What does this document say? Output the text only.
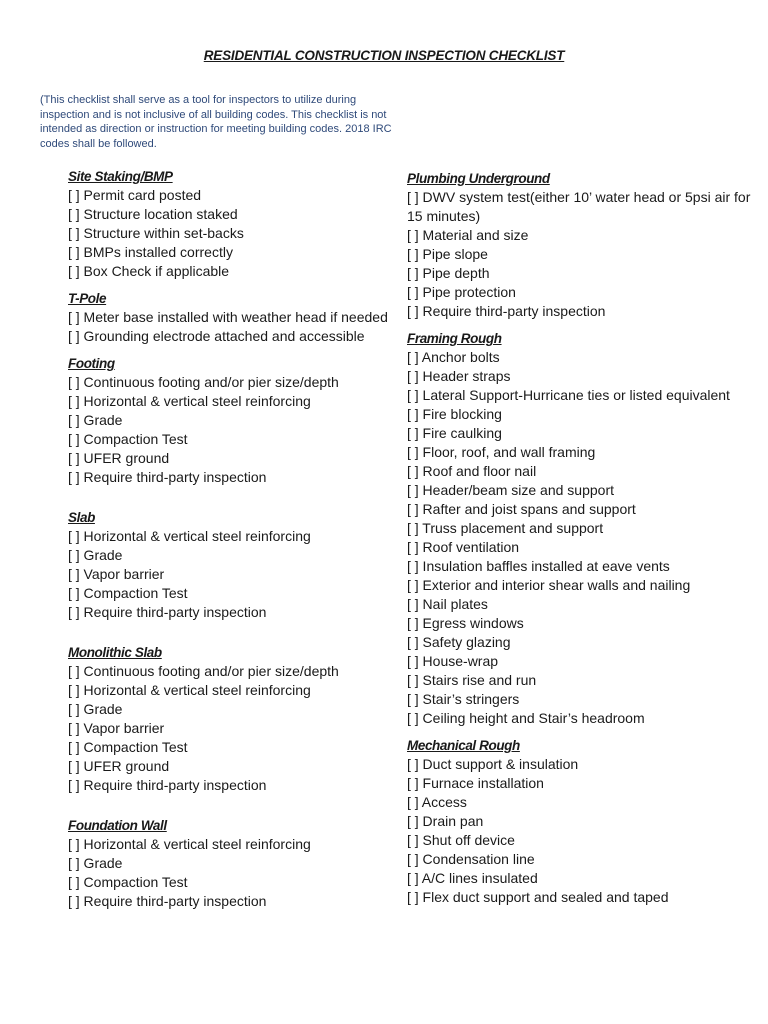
RESIDENTIAL CONSTRUCTION INSPECTION CHECKLIST
(This checklist shall serve as a tool for inspectors to utilize during inspection and is not inclusive of all building codes. This checklist is not intended as direction or instruction for meeting building codes. 2018 IRC codes shall be followed.
Site Staking/BMP
[ ] Permit card posted
[ ] Structure location staked
[ ] Structure within set-backs
[ ] BMPs installed correctly
[ ] Box Check if applicable
T-Pole
[ ] Meter base installed with weather head if needed
[ ] Grounding electrode attached and accessible
Footing
[ ] Continuous footing and/or pier size/depth
[ ] Horizontal & vertical steel reinforcing
[ ] Grade
[ ] Compaction Test
[ ] UFER ground
[ ] Require third-party inspection
Slab
[ ] Horizontal & vertical steel reinforcing
[ ] Grade
[ ] Vapor barrier
[ ] Compaction Test
[ ] Require third-party inspection
Monolithic Slab
[ ] Continuous footing and/or pier size/depth
[ ] Horizontal & vertical steel reinforcing
[ ] Grade
[ ] Vapor barrier
[ ] Compaction Test
[ ] UFER ground
[ ] Require third-party inspection
Foundation Wall
[ ] Horizontal & vertical steel reinforcing
[ ] Grade
[ ] Compaction Test
[ ] Require third-party inspection
Plumbing Underground
[ ] DWV system test(either 10’ water head or 5psi air for 15 minutes)
[ ] Material and size
[ ] Pipe slope
[ ] Pipe depth
[ ] Pipe protection
[ ] Require third-party inspection
Framing Rough
[ ] Anchor bolts
[ ] Header straps
[ ] Lateral Support-Hurricane ties or listed equivalent
[ ] Fire blocking
[ ] Fire caulking
[ ] Floor, roof, and wall framing
[ ] Roof and floor nail
[ ] Header/beam size and support
[ ] Rafter and joist spans and support
[ ] Truss placement and support
[ ] Roof ventilation
[ ] Insulation baffles installed at eave vents
[ ] Exterior and interior shear walls and nailing
[ ] Nail plates
[ ] Egress windows
[ ] Safety glazing
[ ] House-wrap
[ ] Stairs rise and run
[ ] Stair’s stringers
[ ] Ceiling height and Stair’s headroom
Mechanical Rough
[ ] Duct support & insulation
[ ] Furnace installation
[ ] Access
[ ] Drain pan
[ ] Shut off device
[ ] Condensation line
[ ] A/C lines insulated
[ ] Flex duct support and sealed and taped
